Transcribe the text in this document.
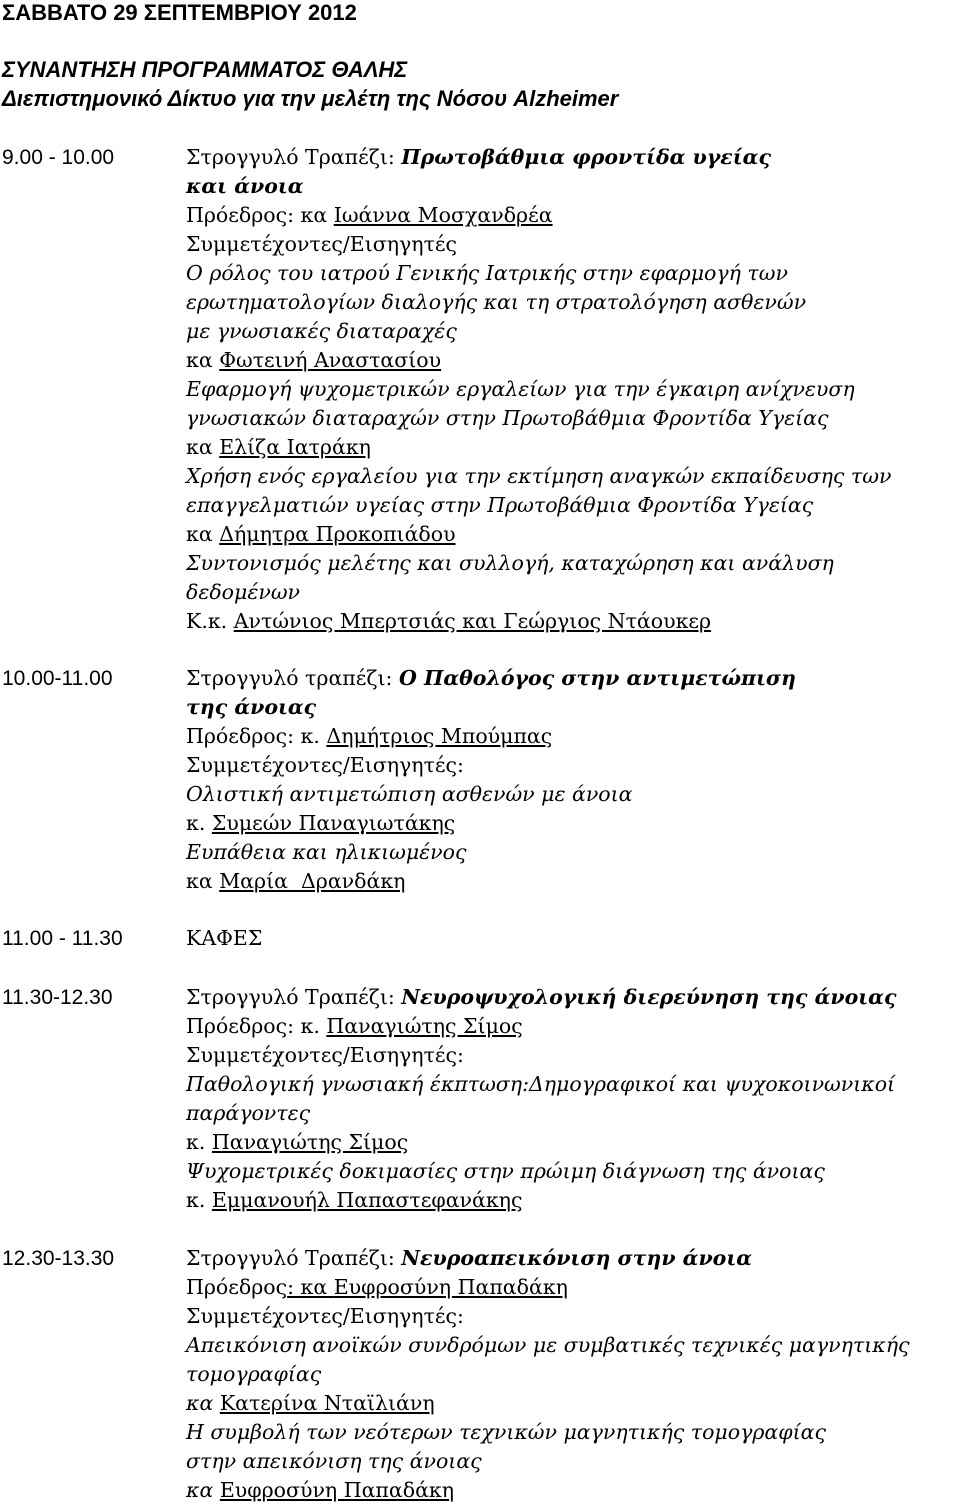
ΣΑΒΒΑΤΟ 29 ΣΕΠΤΕΜΒΡΙΟΥ 2012
ΣΥΝΑΝΤΗΣΗ ΠΡΟΓΡΑΜΜΑΤΟΣ ΘΑΛΗΣ
Διεπιστημονικό Δίκτυο για την μελέτη της Νόσου Alzheimer
9.00 - 10.00	Στρογγυλό Τραπέζι: Πρωτοβάθμια φροντίδα υγείας
και άνοια
Πρόεδρος: κα Ιωάννα Μοσχανδρέα
Συμμετέχοντες/Εισηγητές
Ο ρόλος του ιατρού Γενικής Ιατρικής στην εφαρμογή των
ερωτηματολογίων διαλογής και τη στρατολόγηση ασθενών
με γνωσιακές διαταραχές
κα Φωτεινή Αναστασίου
Εφαρμογή ψυχομετρικών εργαλείων για την έγκαιρη ανίχνευση
γνωσιακών διαταραχών στην Πρωτοβάθμια Φροντίδα Υγείας
κα Ελίζα Ιατράκη
Χρήση ενός εργαλείου για την εκτίμηση αναγκών εκπαίδευσης των
επαγγελματιών υγείας στην Πρωτοβάθμια Φροντίδα Υγείας
κα Δήμητρα Προκοπιάδου
Συντονισμός μελέτης και συλλογή, καταχώρηση και ανάλυση
δεδομένων
Κ.κ. Αντώνιος Μπερτσιάς και Γεώργιος Ντάουκερ
10.00-11.00	Στρογγυλό τραπέζι: Ο Παθολόγος στην αντιμετώπιση
της άνοιας
Πρόεδρος: κ. Δημήτριος Μπούμπας
Συμμετέχοντες/Εισηγητές:
Ολιστική αντιμετώπιση ασθενών με άνοια
κ. Συμεών Παναγιωτάκης
Ευπάθεια και ηλικιωμένος
κα Μαρία  Δρανδάκη
11.00 - 11.30	ΚΑΦΕΣ
11.30-12.30	Στρογγυλό Τραπέζι: Νευροψυχολογική διερεύνηση της άνοιας
Πρόεδρος: κ. Παναγιώτης Σίμος
Συμμετέχοντες/Εισηγητές:
Παθολογική γνωσιακή έκπτωση:Δημογραφικοί και ψυχοκοινωνικοί
παράγοντες
κ. Παναγιώτης Σίμος
Ψυχομετρικές δοκιμασίες στην πρώιμη διάγνωση της άνοιας
κ. Εμμανουήλ Παπαστεφανάκης
12.30-13.30	Στρογγυλό Τραπέζι: Νευροαπεικόνιση στην άνοια
Πρόεδρος: κα Ευφροσύνη Παπαδάκη
Συμμετέχοντες/Εισηγητές:
Απεικόνιση ανοϊκών συνδρόμων με συμβατικές τεχνικές μαγνητικής
τομογραφίας
κα Κατερίνα Νταϊλιάνη
Η συμβολή των νεότερων τεχνικών μαγνητικής τομογραφίας
στην απεικόνιση της άνοιας
κα Ευφροσύνη Παπαδάκη
